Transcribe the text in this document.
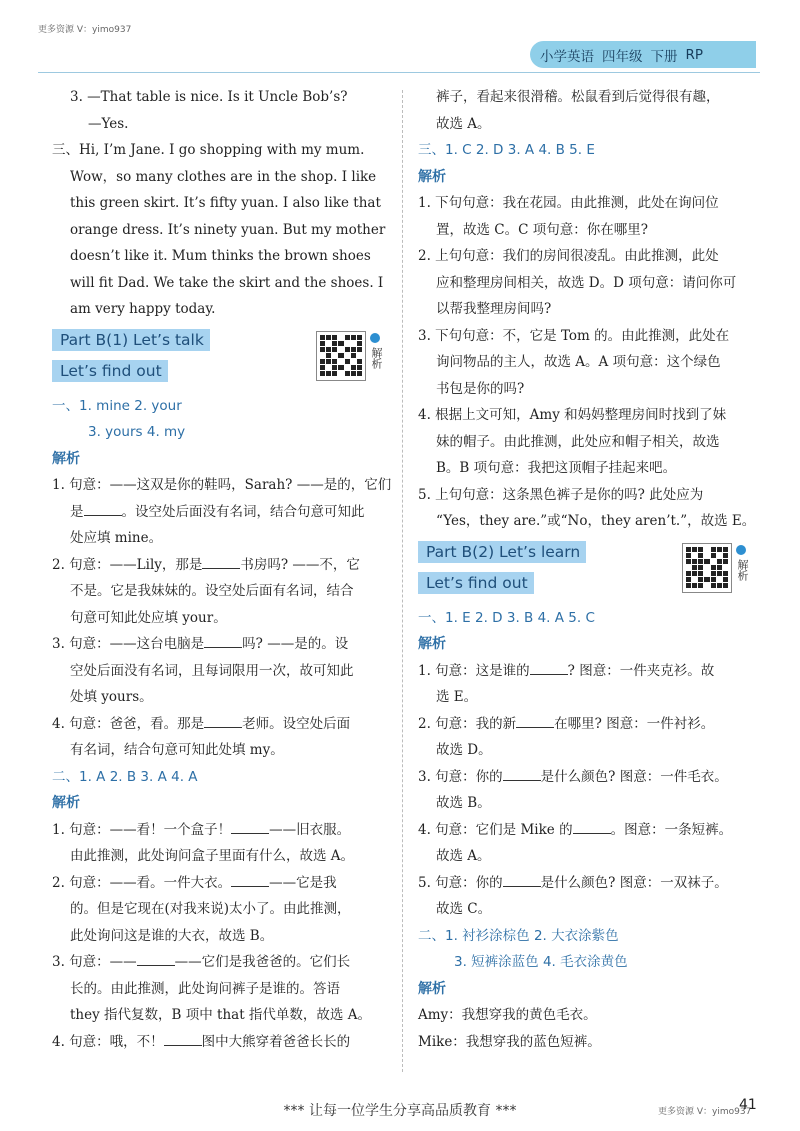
更多资源 V：yimo937
小学英语 四年级 下册 RP
3. —That table is nice. Is it Uncle Bob’s?
—Yes.
三、Hi, I’m Jane. I go shopping with my mum.
Wow，so many clothes are in the shop. I like
this green skirt. It’s fifty yuan. I also like that
orange dress. It’s ninety yuan. But my mother
doesn’t like it. Mum thinks the brown shoes
will fit Dad. We take the skirt and the shoes. I
am very happy today.
Part B(1) Let’s talk
Let’s find out
解析
一、1. mine 2. your
3. yours 4. my
解析
1. 句意：——这双是你的鞋吗，Sarah? ——是的，它们
是	。设空处后面没有名词，结合句意可知此
处应填 mine。
2. 句意：——Lily，那是	书房吗? ——不，它
不是。它是我妹妹的。设空处后面有名词，结合
句意可知此处应填 your。
3. 句意：——这台电脑是	吗? ——是的。设
空处后面没有名词，且每词限用一次，故可知此
处填 yours。
4. 句意：爸爸，看。那是	老师。设空处后面
有名词，结合句意可知此处填 my。
二、1. A 2. B 3. A 4. A
解析
1. 句意：——看！一个盒子！	——旧衣服。
由此推测，此处询问盒子里面有什么，故选 A。
2. 句意：——看。一件大衣。	——它是我
的。但是它现在(对我来说)太小了。由此推测，
此处询问这是谁的大衣，故选 B。
3. 句意：——	——它们是我爸爸的。它们长
长的。由此推测，此处询问裤子是谁的。答语
they 指代复数，B 项中 that 指代单数，故选 A。
4. 句意：哦，不！	图中大熊穿着爸爸长长的
裤子，看起来很滑稽。松鼠看到后觉得很有趣，
故选 A。
三、1. C 2. D 3. A 4. B 5. E
解析
1. 下句句意：我在花园。由此推测，此处在询问位
置，故选 C。C 项句意：你在哪里?
2. 上句句意：我们的房间很凌乱。由此推测，此处
应和整理房间相关，故选 D。D 项句意：请问你可
以帮我整理房间吗?
3. 下句句意：不，它是 Tom 的。由此推测，此处在
询问物品的主人，故选 A。A 项句意：这个绿色
书包是你的吗?
4. 根据上文可知，Amy 和妈妈整理房间时找到了妹
妹的帽子。由此推测，此处应和帽子相关，故选
B。B 项句意：我把这顶帽子挂起来吧。
5. 上句句意：这条黑色裤子是你的吗? 此处应为
“Yes，they are.”或“No，they aren’t.”，故选 E。
Part B(2) Let’s learn
Let’s find out
解析
一、1. E 2. D 3. B 4. A 5. C
解析
1. 句意：这是谁的	? 图意：一件夹克衫。故
选 E。
2. 句意：我的新	在哪里? 图意：一件衬衫。
故选 D。
3. 句意：你的	是什么颜色? 图意：一件毛衣。
故选 B。
4. 句意：它们是 Mike 的	。图意：一条短裤。
故选 A。
5. 句意：你的	是什么颜色? 图意：一双袜子。
故选 C。
二、1. 衬衫涂棕色 2. 大衣涂紫色
3. 短裤涂蓝色 4. 毛衣涂黄色
解析
Amy：我想穿我的黄色毛衣。
Mike：我想穿我的蓝色短裤。
*** 让每一位学生分享高品质教育 ***	更多资源 V：yimo937
41
